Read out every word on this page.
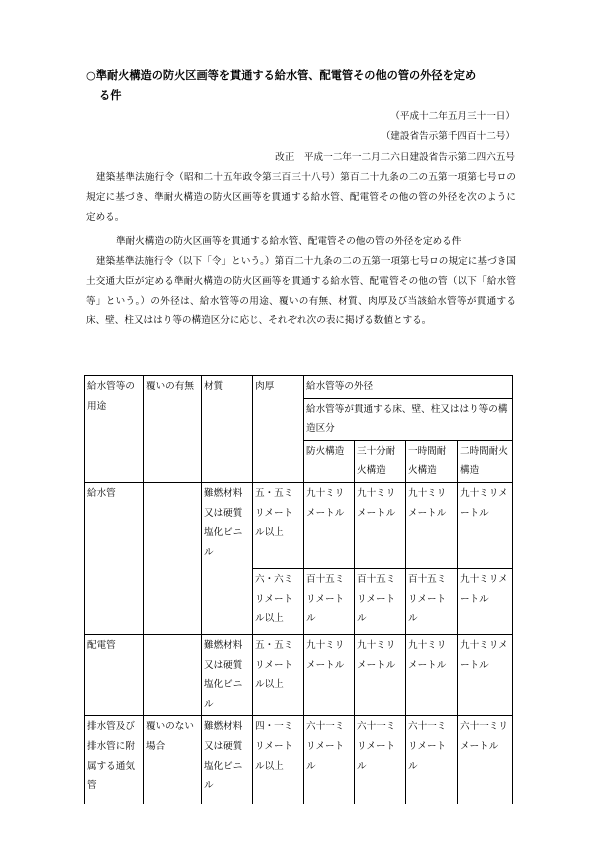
○準耐火構造の防火区画等を貫通する給水管、配電管その他の管の外径を定め
る件
（平成十二年五月三十一日）
（建設省告示第千四百十二号）
改正　平成一二年一二月二六日建設省告示第二四六五号
建築基準法施行令（昭和二十五年政令第三百三十八号）第百二十九条の二の五第一項第七号ロの規定に基づき、準耐火構造の防火区画等を貫通する給水管、配電管その他の管の外径を次のように定める。
準耐火構造の防火区画等を貫通する給水管、配電管その他の管の外径を定める件
建築基準法施行令（以下「令」という。）第百二十九条の二の五第一項第七号ロの規定に基づき国土交通大臣が定める準耐火構造の防火区画等を貫通する給水管、配電管その他の管（以下「給水管等」という。）の外径は、給水管等の用途、覆いの有無、材質、肉厚及び当該給水管等が貫通する床、壁、柱又ははり等の構造区分に応じ、それぞれ次の表に掲げる数値とする。
給水管等の用途	覆いの有無	材質	肉厚	給水管等の外径			
				給水管等が貫通する床、壁、柱又ははり等の構造区分			
				防火構造	三十分耐火構造	一時間耐火構造	二時間耐火構造
給水管		難燃材料又は硬質塩化ビニル	五・五ミリメートル以上	九十ミリメートル	九十ミリメートル	九十ミリメートル	九十ミリメートル
			六・六ミリメートル以上	百十五ミリメートル	百十五ミリメートル	百十五ミリメートル	九十ミリメートル
配電管		難燃材料又は硬質塩化ビニル	五・五ミリメートル以上	九十ミリメートル	九十ミリメートル	九十ミリメートル	九十ミリメートル
排水管及び排水管に附属する通気管	覆いのない場合	難燃材料又は硬質塩化ビニル	四・一ミリメートル以上	六十一ミリメートル	六十一ミリメートル	六十一ミリメートル	六十一ミリメートル
